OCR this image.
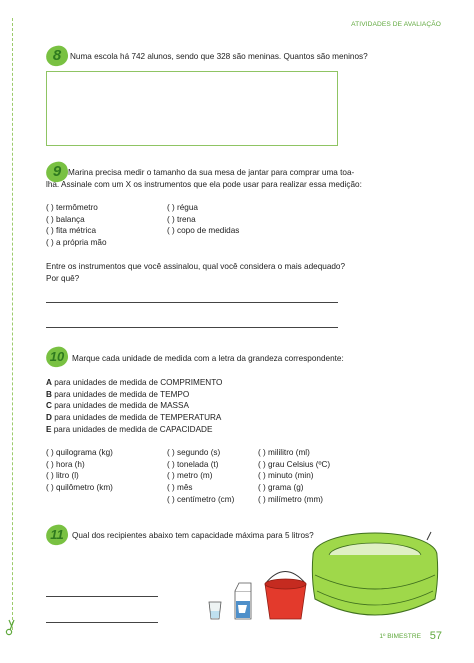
ATIVIDADES DE AVALIAÇÃO
8	Numa escola há 742 alunos, sendo que 328 são meninas. Quantos são meninos?
9 Marina precisa medir o tamanho da sua mesa de jantar para comprar uma toa-
lha. Assinale com um X os instrumentos que ela pode usar para realizar essa medição:
( ) termômetro
( ) balança
( ) fita métrica
( ) a própria mão
( ) régua
( ) trena
( ) copo de medidas
Entre os instrumentos que você assinalou, qual você considera o mais adequado?
Por quê?
10 Marque cada unidade de medida com a letra da grandeza correspondente:
A para unidades de medida de COMPRIMENTO
B para unidades de medida de TEMPO
C para unidades de medida de MASSA
D para unidades de medida de TEMPERATURA
E para unidades de medida de CAPACIDADE
( ) quilograma (kg)
( ) hora (h)
( ) litro (l)
( ) quilômetro (km)
( ) segundo (s)
( ) tonelada (t)
( ) metro (m)
( ) mês
( ) centímetro (cm)
( ) mililitro (ml)
( ) grau Celsius (ºC)
( ) minuto (min)
( ) grama (g)
( ) milímetro (mm)
11	Qual dos recipientes abaixo tem capacidade máxima para 5 litros?
1º BIMESTRE 57
